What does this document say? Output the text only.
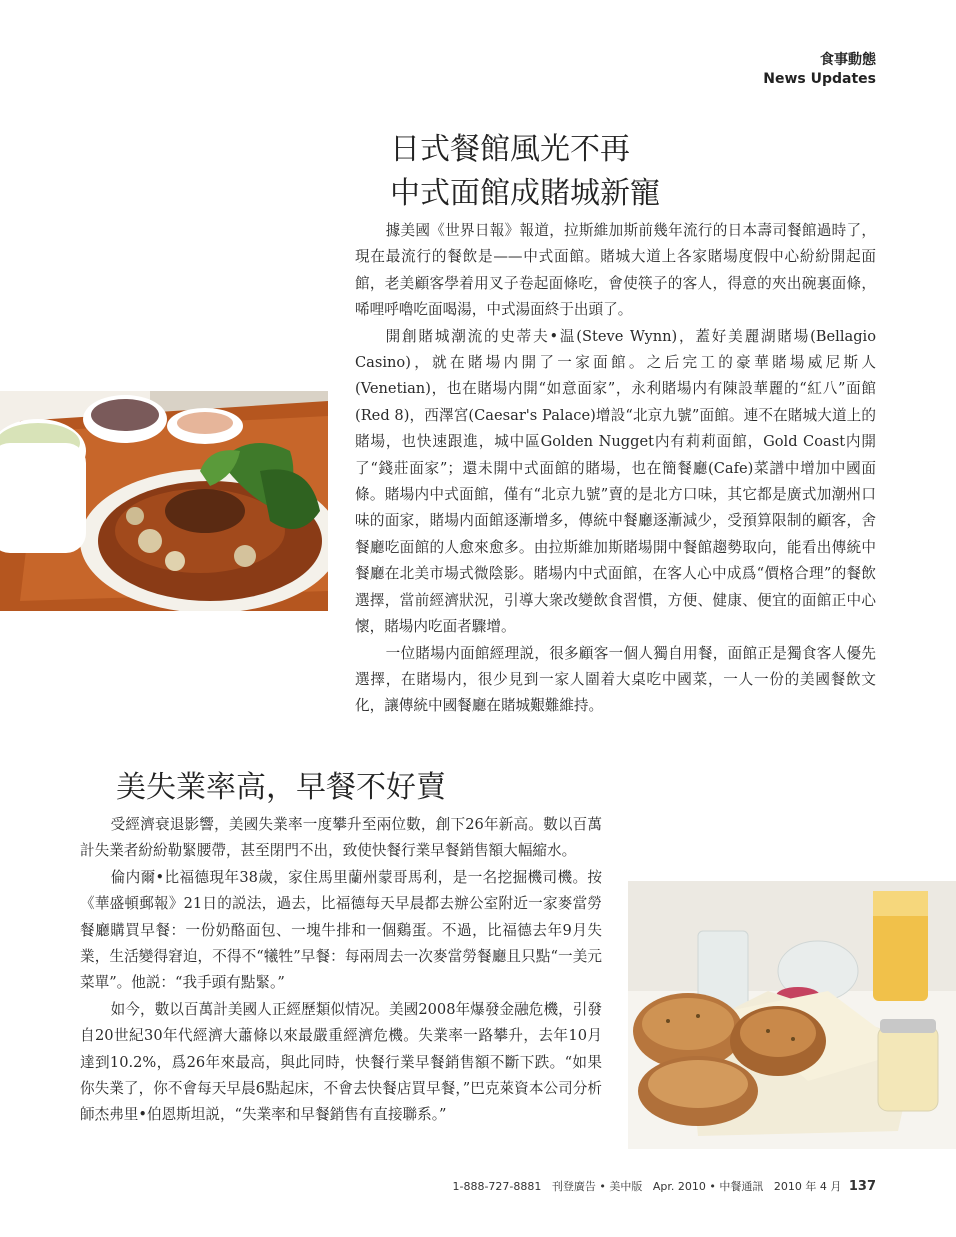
食事動態
News Updates
日式餐館風光不再
中式面館成賭城新寵

據美國《世界日報》報道，拉斯維加斯前幾年流行的日本壽司餐館過時了，現在最流行的餐飲是——中式面館。賭城大道上各家賭場度假中心紛紛開起面館，老美顧客學着用叉子卷起面條吃，會使筷子的客人，得意的夾出碗裏面條，唏哩呼嚕吃面喝湯，中式湯面終于出頭了。

開創賭城潮流的史蒂夫•温(Steve Wynn)，蓋好美麗湖賭場(Bellagio Casino)，就在賭場内開了一家面館。之后完工的豪華賭場威尼斯人(Venetian)，也在賭場内開“如意面家”，永利賭場内有陳設華麗的“紅八”面館(Red 8)，西澤宮(Caesar's Palace)增設“北京九號”面館。連不在賭城大道上的賭場，也快速跟進，城中區Golden Nugget内有莉莉面館，Gold Coast内開了“錢莊面家”；還未開中式面館的賭場，也在簡餐廳(Cafe)菜譜中增加中國面條。賭場内中式面館，僅有“北京九號”賣的是北方口味，其它都是廣式加潮州口味的面家，賭場内面館逐漸增多，傳統中餐廳逐漸減少，受預算限制的顧客，舍餐廳吃面館的人愈來愈多。由拉斯維加斯賭場開中餐館趨勢取向，能看出傳統中餐廳在北美市場式微陰影。賭場内中式面館，在客人心中成爲“價格合理”的餐飲選擇，當前經濟狀況，引導大衆改變飲食習慣，方便、健康、便宜的面館正中心懷，賭場内吃面者驟增。

一位賭場内面館經理説，很多顧客一個人獨自用餐，面館正是獨食客人優先選擇，在賭場内，很少見到一家人圍着大桌吃中國菜，一人一份的美國餐飲文化，讓傳統中國餐廳在賭城艱難維持。

美失業率高，早餐不好賣

受經濟衰退影響，美國失業率一度攀升至兩位數，創下26年新高。數以百萬計失業者紛紛勒緊腰帶，甚至閉門不出，致使快餐行業早餐銷售額大幅縮水。

倫内爾•比福德現年38歲，家住馬里蘭州蒙哥馬利，是一名挖掘機司機。按《華盛頓郵報》21日的説法，過去，比福德每天早晨都去辦公室附近一家麥當勞餐廳購買早餐：一份奶酪面包、一塊牛排和一個鷄蛋。不過，比福德去年9月失業，生活變得窘迫，不得不“犧牲”早餐：每兩周去一次麥當勞餐廳且只點“一美元菜單”。他説：“我手頭有點緊。”

如今，數以百萬計美國人正經歷類似情况。美國2008年爆發金融危機，引發自20世紀30年代經濟大蕭條以來最嚴重經濟危機。失業率一路攀升，去年10月達到10.2%，爲26年來最高，與此同時，快餐行業早餐銷售額不斷下跌。“如果你失業了，你不會每天早晨6點起床，不會去快餐店買早餐，”巴克萊資本公司分析師杰弗里•伯恩斯坦説，“失業率和早餐銷售有直接聯系。”

1-888-727-8881 刊登廣告 • 美中版 Apr. 2010 • 中餐通訊 2010 年 4 月 137
